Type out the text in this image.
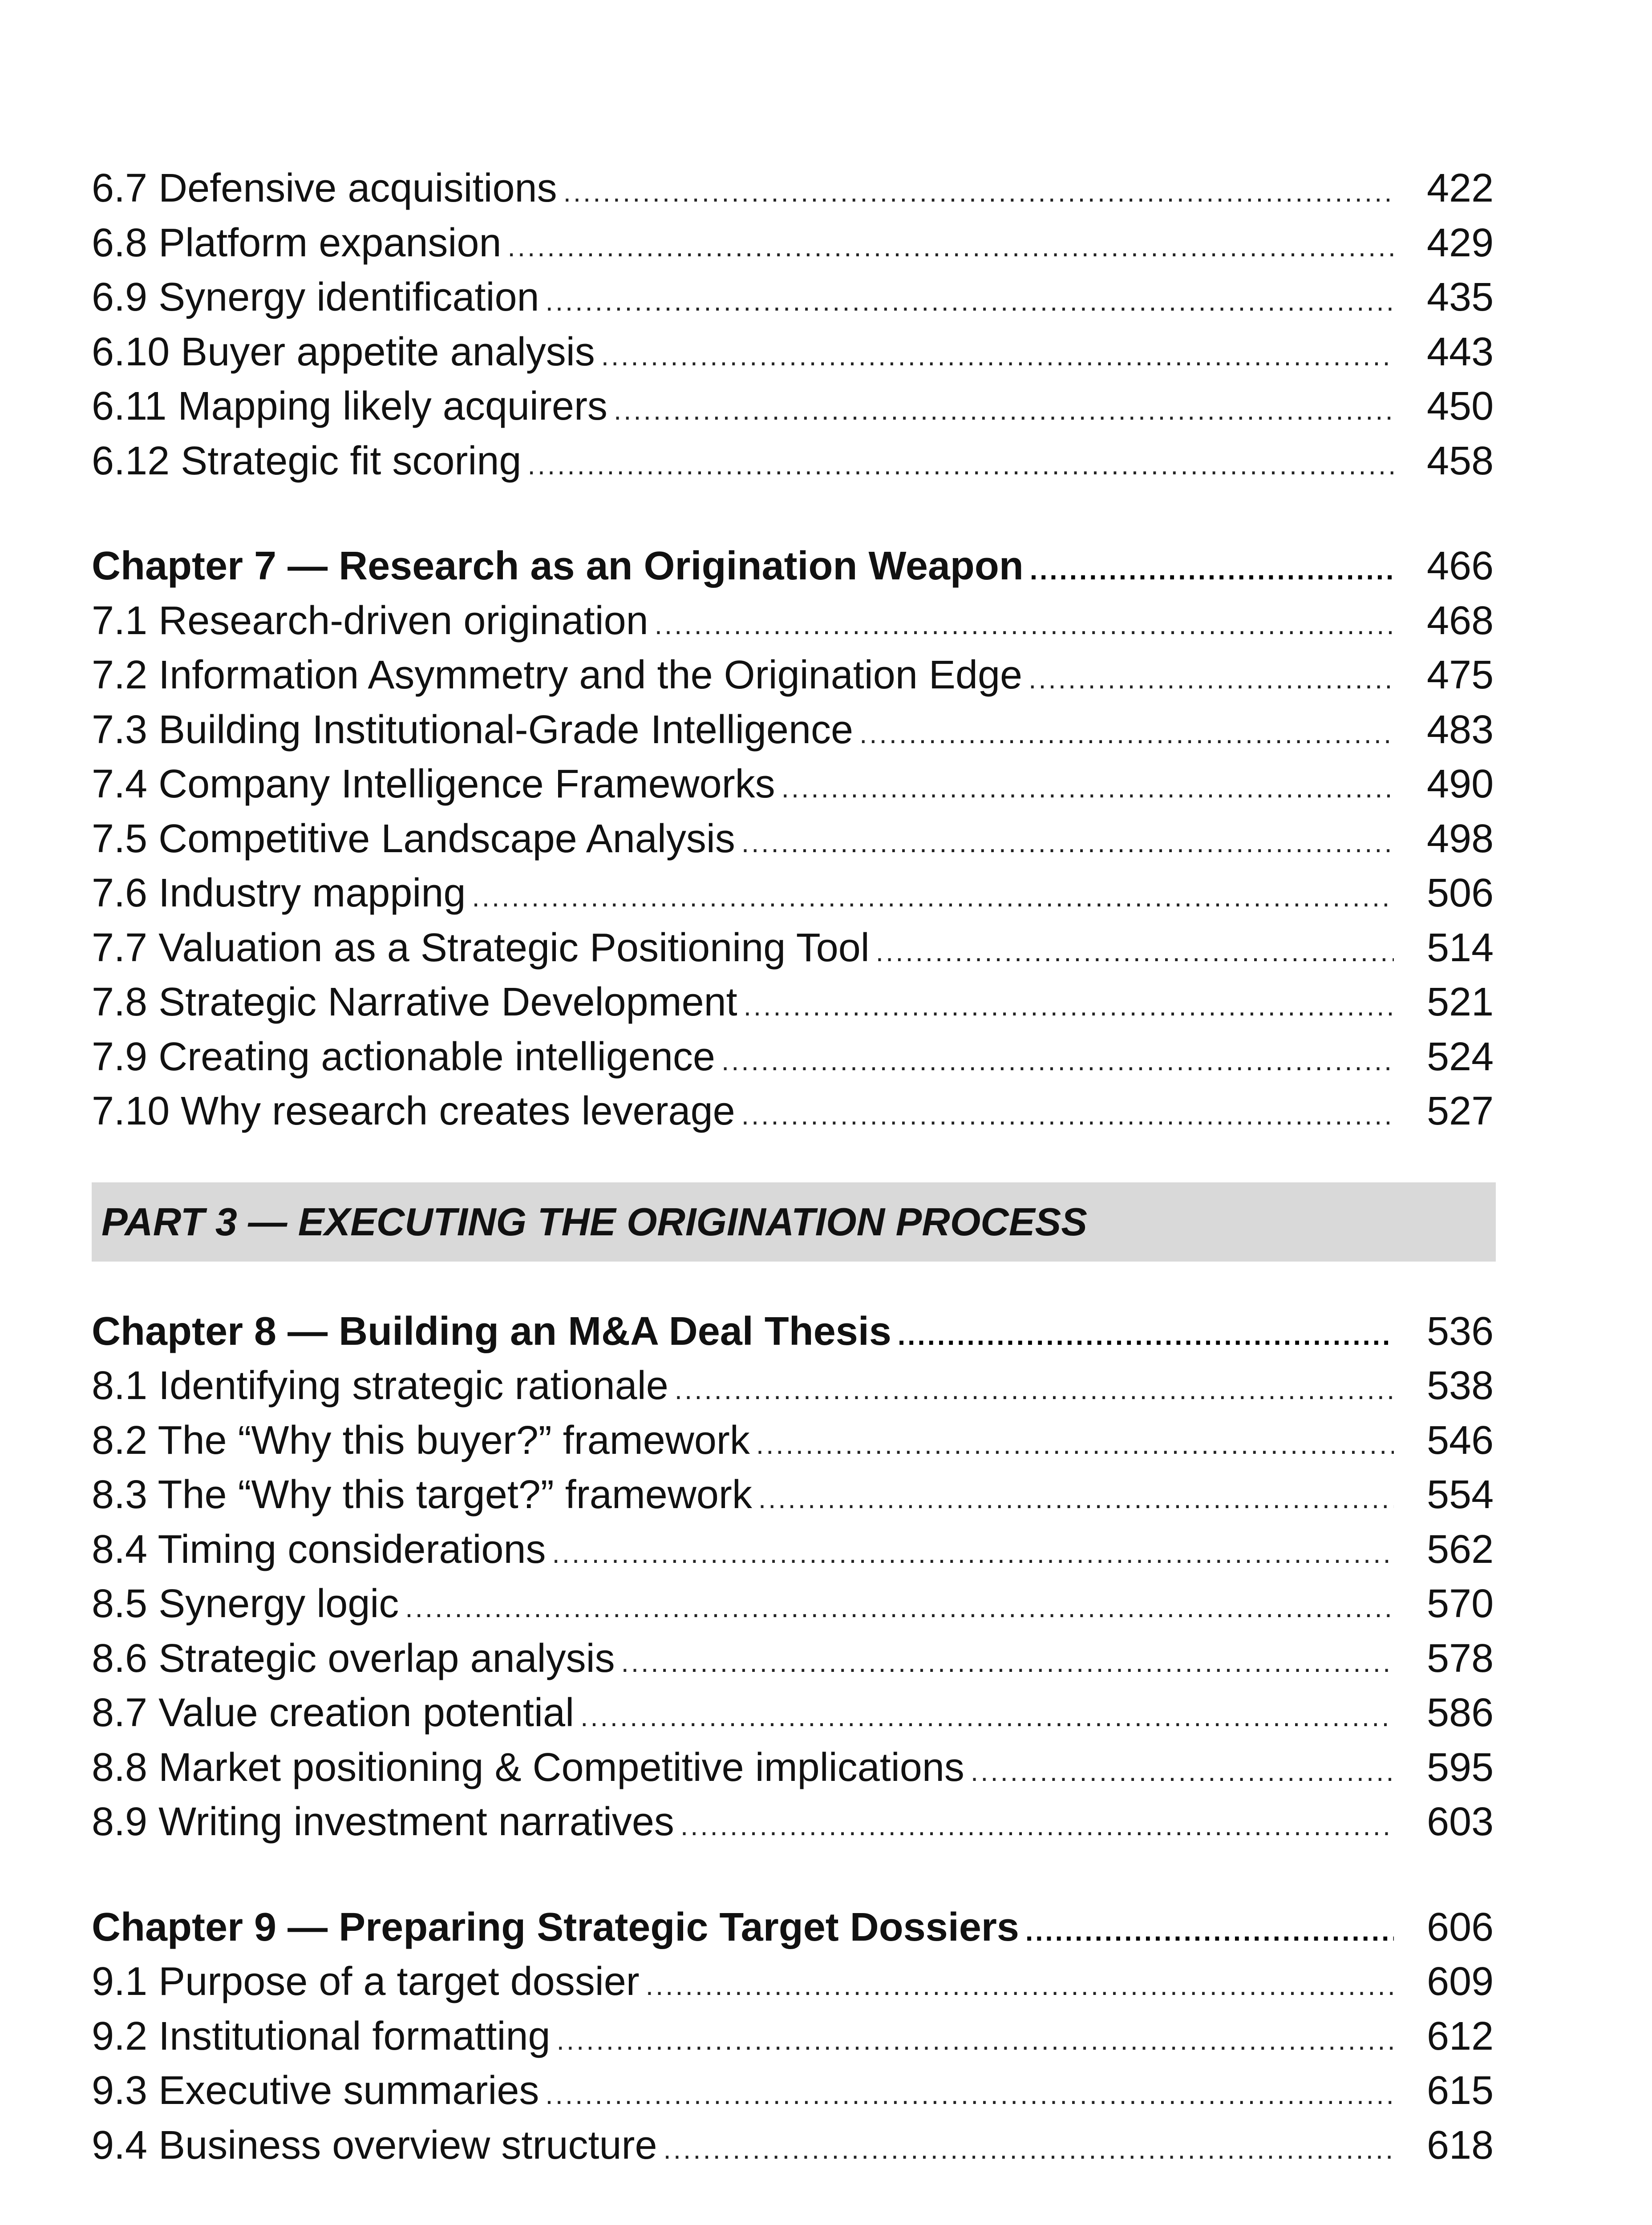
6.7 Defensive acquisitions .....	422
6.8 Platform expansion .....	429
6.9 Synergy identification .....	435
6.10 Buyer appetite analysis .....	443
6.11 Mapping likely acquirers .....	450
6.12 Strategic fit scoring .....	458
Chapter 7 — Research as an Origination Weapon .....	466
7.1 Research-driven origination .....	468
7.2 Information Asymmetry and the Origination Edge .....	475
7.3 Building Institutional-Grade Intelligence .....	483
7.4 Company Intelligence Frameworks .....	490
7.5 Competitive Landscape Analysis .....	498
7.6 Industry mapping .....	506
7.7 Valuation as a Strategic Positioning Tool .....	514
7.8 Strategic Narrative Development .....	521
7.9 Creating actionable intelligence .....	524
7.10 Why research creates leverage .....	527
PART 3 — EXECUTING THE ORIGINATION PROCESS
Chapter 8 — Building an M&A Deal Thesis .....	536
8.1 Identifying strategic rationale .....	538
8.2 The “Why this buyer?” framework .....	546
8.3 The “Why this target?” framework .....	554
8.4 Timing considerations .....	562
8.5 Synergy logic .....	570
8.6 Strategic overlap analysis .....	578
8.7 Value creation potential .....	586
8.8 Market positioning & Competitive implications .....	595
8.9 Writing investment narratives .....	603
Chapter 9 — Preparing Strategic Target Dossiers .....	606
9.1 Purpose of a target dossier .....	609
9.2 Institutional formatting .....	612
9.3 Executive summaries .....	615
9.4 Business overview structure .....	618
